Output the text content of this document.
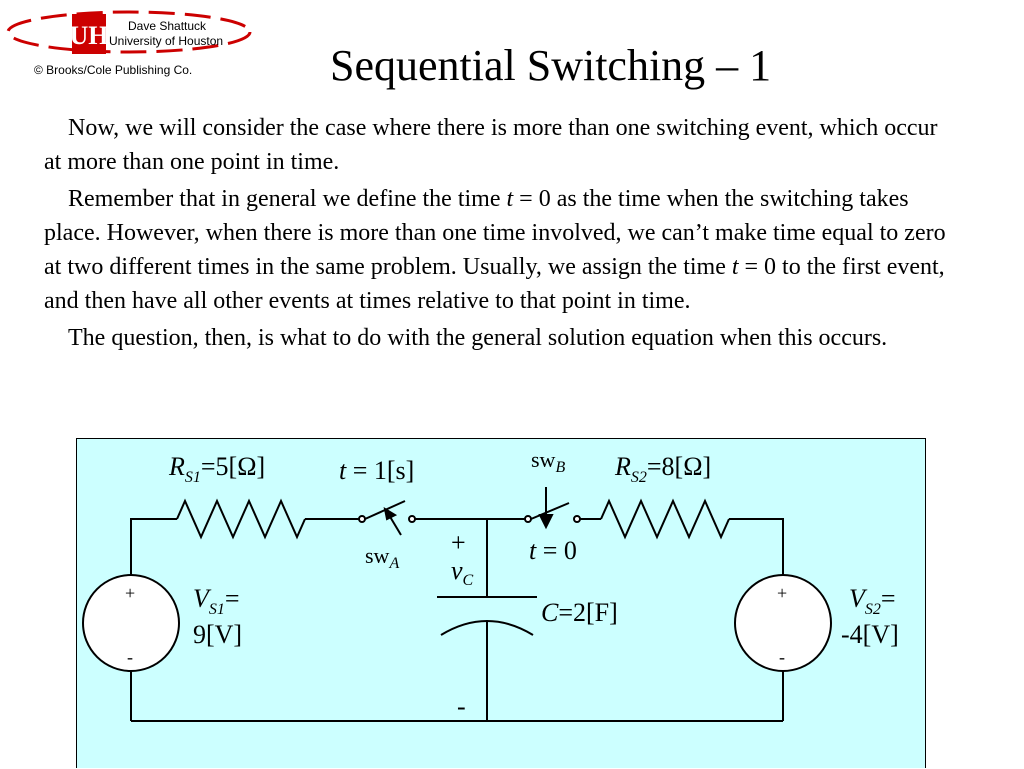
UH Dave Shattuck
University of Houston
© Brooks/Cole Publishing Co.	Sequential Switching – 1

Now, we will consider the case where there is more than one switching event, which occur at more than one point in time.

Remember that in general we define the time t = 0 as the time when the switching takes place. However, when there is more than one time involved, we can’t make time equal to zero at two different times in the same problem. Usually, we assign the time t = 0 to the first event, and then have all other events at times relative to that point in time.

The question, then, is what to do with the general solution equation when this occurs.

$R_{S1}=5[\Omega]$	t = 1[s]
swA
swB $R_{S2}=8[\Omega]$
t = 0
+
$v_C$
-
C=2[F]
+
-
$V_{S1}=$
9[V]
+
-
$V_{S2}=$
-4[V]
